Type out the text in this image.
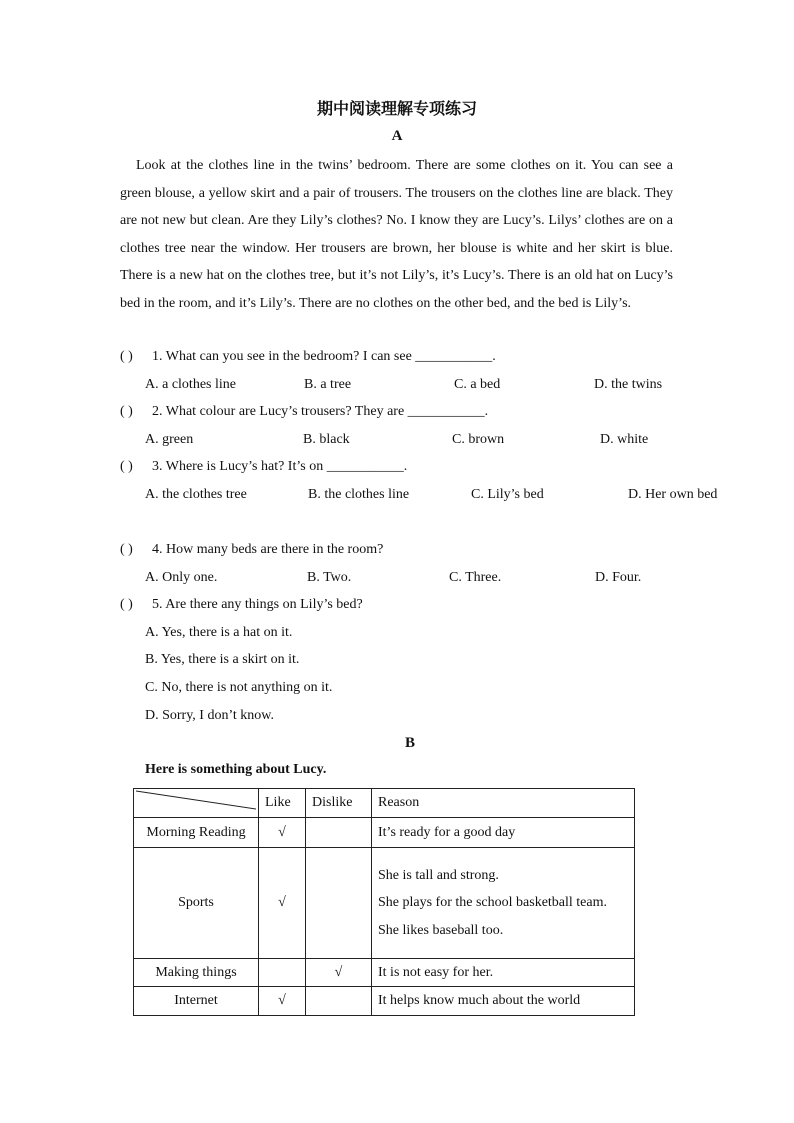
期中阅读理解专项练习
A

Look at the clothes line in the twins’ bedroom. There are some clothes on it. You can see a green blouse, a yellow skirt and a pair of trousers. The trousers on the clothes line are black. They are not new but clean. Are they Lily’s clothes? No. I know they are Lucy’s. Lilys’ clothes are on a clothes tree near the window. Her trousers are brown, her blouse is white and her skirt is blue. There is a new hat on the clothes tree, but it’s not Lily’s, it’s Lucy’s. There is an old hat on Lucy’s bed in the room, and it’s Lily’s. There are no clothes on the other bed, and the bed is Lily’s.

( ) 1. What can you see in the bedroom? I can see ___________.
A. a clothes line	B. a tree	C. a bed	D. the twins
( ) 2. What colour are Lucy’s trousers? They are ___________.
A. green	B. black	C. brown	D. white
( ) 3. Where is Lucy’s hat? It’s on ___________.
A. the clothes tree	B. the clothes line	C. Lily’s bed	D. Her own bed
( ) 4. How many beds are there in the room?
A. Only one.	B. Two.	C. Three.	D. Four.
( ) 5. Are there any things on Lily’s bed?
A. Yes, there is a hat on it.
B. Yes, there is a skirt on it.
C. No, there is not anything on it.
D. Sorry, I don’t know.
B
Here is something about Lucy.
	Like	Dislike	Reason
Morning Reading	√		It’s ready for a good day
Sports	√		She is tall and strong.
She plays for the school basketball team.
She likes baseball too.

Making things		√	It is not easy for her.
Internet	√		It helps know much about the world
